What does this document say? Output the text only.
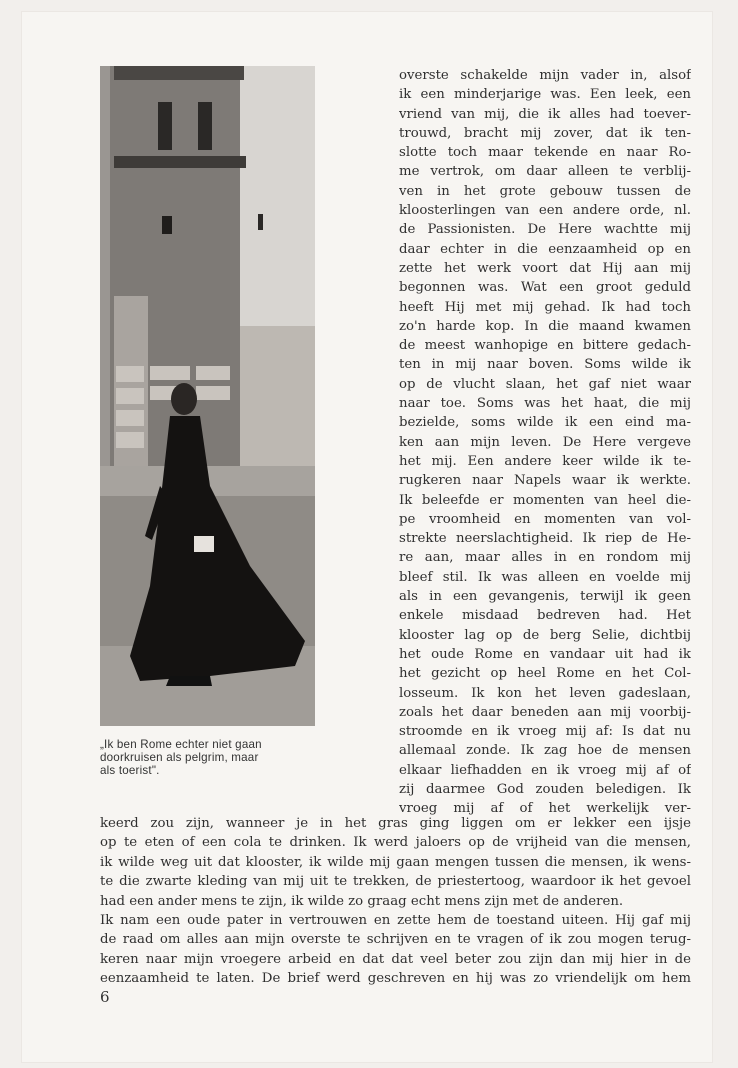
„Ik ben Rome echter niet gaan
doorkruisen als pelgrim, maar
als toerist".
overste schakelde mijn vader in, alsof
ik een minderjarige was. Een leek, een
vriend van mij, die ik alles had toever-
trouwd, bracht mij zover, dat ik ten-
slotte toch maar tekende en naar Ro-
me vertrok, om daar alleen te verblij-
ven in het grote gebouw tussen de
kloosterlingen van een andere orde, nl.
de Passionisten. De Here wachtte mij
daar echter in die eenzaamheid op en
zette het werk voort dat Hij aan mij
begonnen was. Wat een groot geduld
heeft Hij met mij gehad. Ik had toch
zo'n harde kop. In die maand kwamen
de meest wanhopige en bittere gedach-
ten in mij naar boven. Soms wilde ik
op de vlucht slaan, het gaf niet waar
naar toe. Soms was het haat, die mij
bezielde, soms wilde ik een eind ma-
ken aan mijn leven. De Here vergeve
het mij. Een andere keer wilde ik te-
rugkeren naar Napels waar ik werkte.
Ik beleefde er momenten van heel die-
pe vroomheid en momenten van vol-
strekte neerslachtigheid. Ik riep de He-
re aan, maar alles in en rondom mij
bleef stil. Ik was alleen en voelde mij
als in een gevangenis, terwijl ik geen
enkele misdaad bedreven had. Het
klooster lag op de berg Selie, dichtbij
het oude Rome en vandaar uit had ik
het gezicht op heel Rome en het Col-
losseum. Ik kon het leven gadeslaan,
zoals het daar beneden aan mij voorbij-
stroomde en ik vroeg mij af: Is dat nu
allemaal zonde. Ik zag hoe de mensen
elkaar liefhadden en ik vroeg mij af of
zij daarmee God zouden beledigen. Ik
vroeg mij af of het werkelijk ver-
keerd zou zijn, wanneer je in het gras ging liggen om er lekker een ijsje
op te eten of een cola te drinken. Ik werd jaloers op de vrijheid van die mensen,
ik wilde weg uit dat klooster, ik wilde mij gaan mengen tussen die mensen, ik wens-
te die zwarte kleding van mij uit te trekken, de priestertoog, waardoor ik het gevoel
had een ander mens te zijn, ik wilde zo graag echt mens zijn met de anderen.
Ik nam een oude pater in vertrouwen en zette hem de toestand uiteen. Hij gaf mij
de raad om alles aan mijn overste te schrijven en te vragen of ik zou mogen terug-
keren naar mijn vroegere arbeid en dat dat veel beter zou zijn dan mij hier in de
eenzaamheid te laten. De brief werd geschreven en hij was zo vriendelijk om hem
6
